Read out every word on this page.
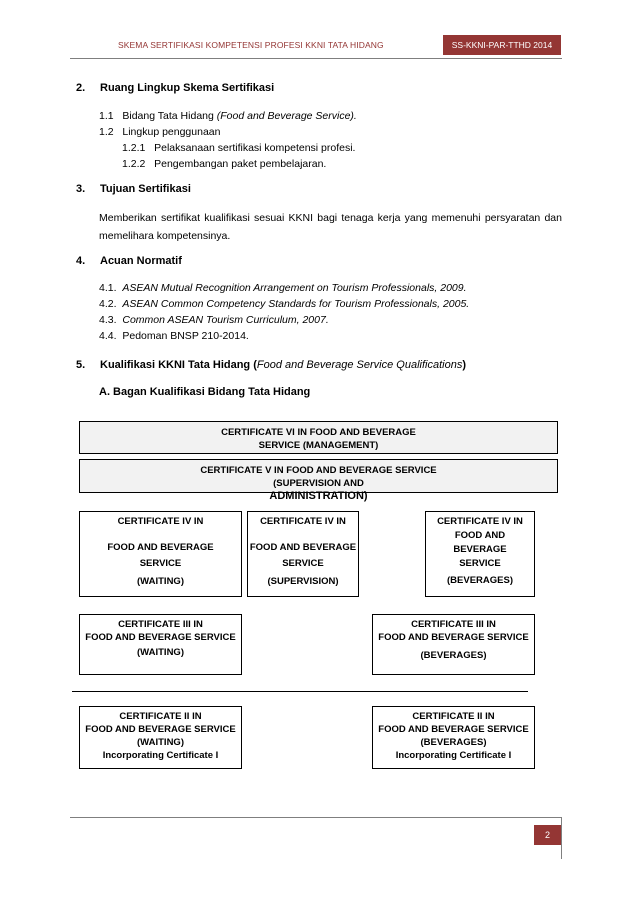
SKEMA SERTIFIKASI KOMPETENSI PROFESI KKNI TATA HIDANG	SS-KKNI-PAR-TTHD 2014
2. Ruang Lingkup Skema Sertifikasi
1.1 Bidang Tata Hidang (Food and Beverage Service).
1.2 Lingkup penggunaan
1.2.1 Pelaksanaan sertifikasi kompetensi profesi.
1.2.2 Pengembangan paket pembelajaran.
3. Tujuan Sertifikasi
Memberikan sertifikat kualifikasi sesuai KKNI bagi tenaga kerja yang memenuhi persyaratan dan memelihara kompetensinya.
4. Acuan Normatif
4.1. ASEAN Mutual Recognition Arrangement on Tourism Professionals, 2009.
4.2. ASEAN Common Competency Standards for Tourism Professionals, 2005.
4.3. Common ASEAN Tourism Curriculum, 2007.
4.4. Pedoman BNSP 210-2014.
5. Kualifikasi KKNI Tata Hidang (Food and Beverage Service Qualifications)
A. Bagan Kualifikasi Bidang Tata Hidang
CERTIFICATE VI IN FOOD AND BEVERAGE
SERVICE (MANAGEMENT)
CERTIFICATE V IN FOOD AND BEVERAGE SERVICE
(SUPERVISION AND
ADMINISTRATION)
CERTIFICATE IV IN
FOOD AND BEVERAGE
SERVICE
(WAITING)
CERTIFICATE IV IN
FOOD AND BEVERAGE
SERVICE
(SUPERVISION)
CERTIFICATE IV IN
FOOD AND
BEVERAGE
SERVICE
(BEVERAGES)
CERTIFICATE III IN
FOOD AND BEVERAGE SERVICE
(WAITING)
CERTIFICATE III IN
FOOD AND BEVERAGE SERVICE
(BEVERAGES)
CERTIFICATE II IN
FOOD AND BEVERAGE SERVICE
(WAITING)
Incorporating Certificate I
CERTIFICATE II IN
FOOD AND BEVERAGE SERVICE
(BEVERAGES)
Incorporating Certificate I
2
